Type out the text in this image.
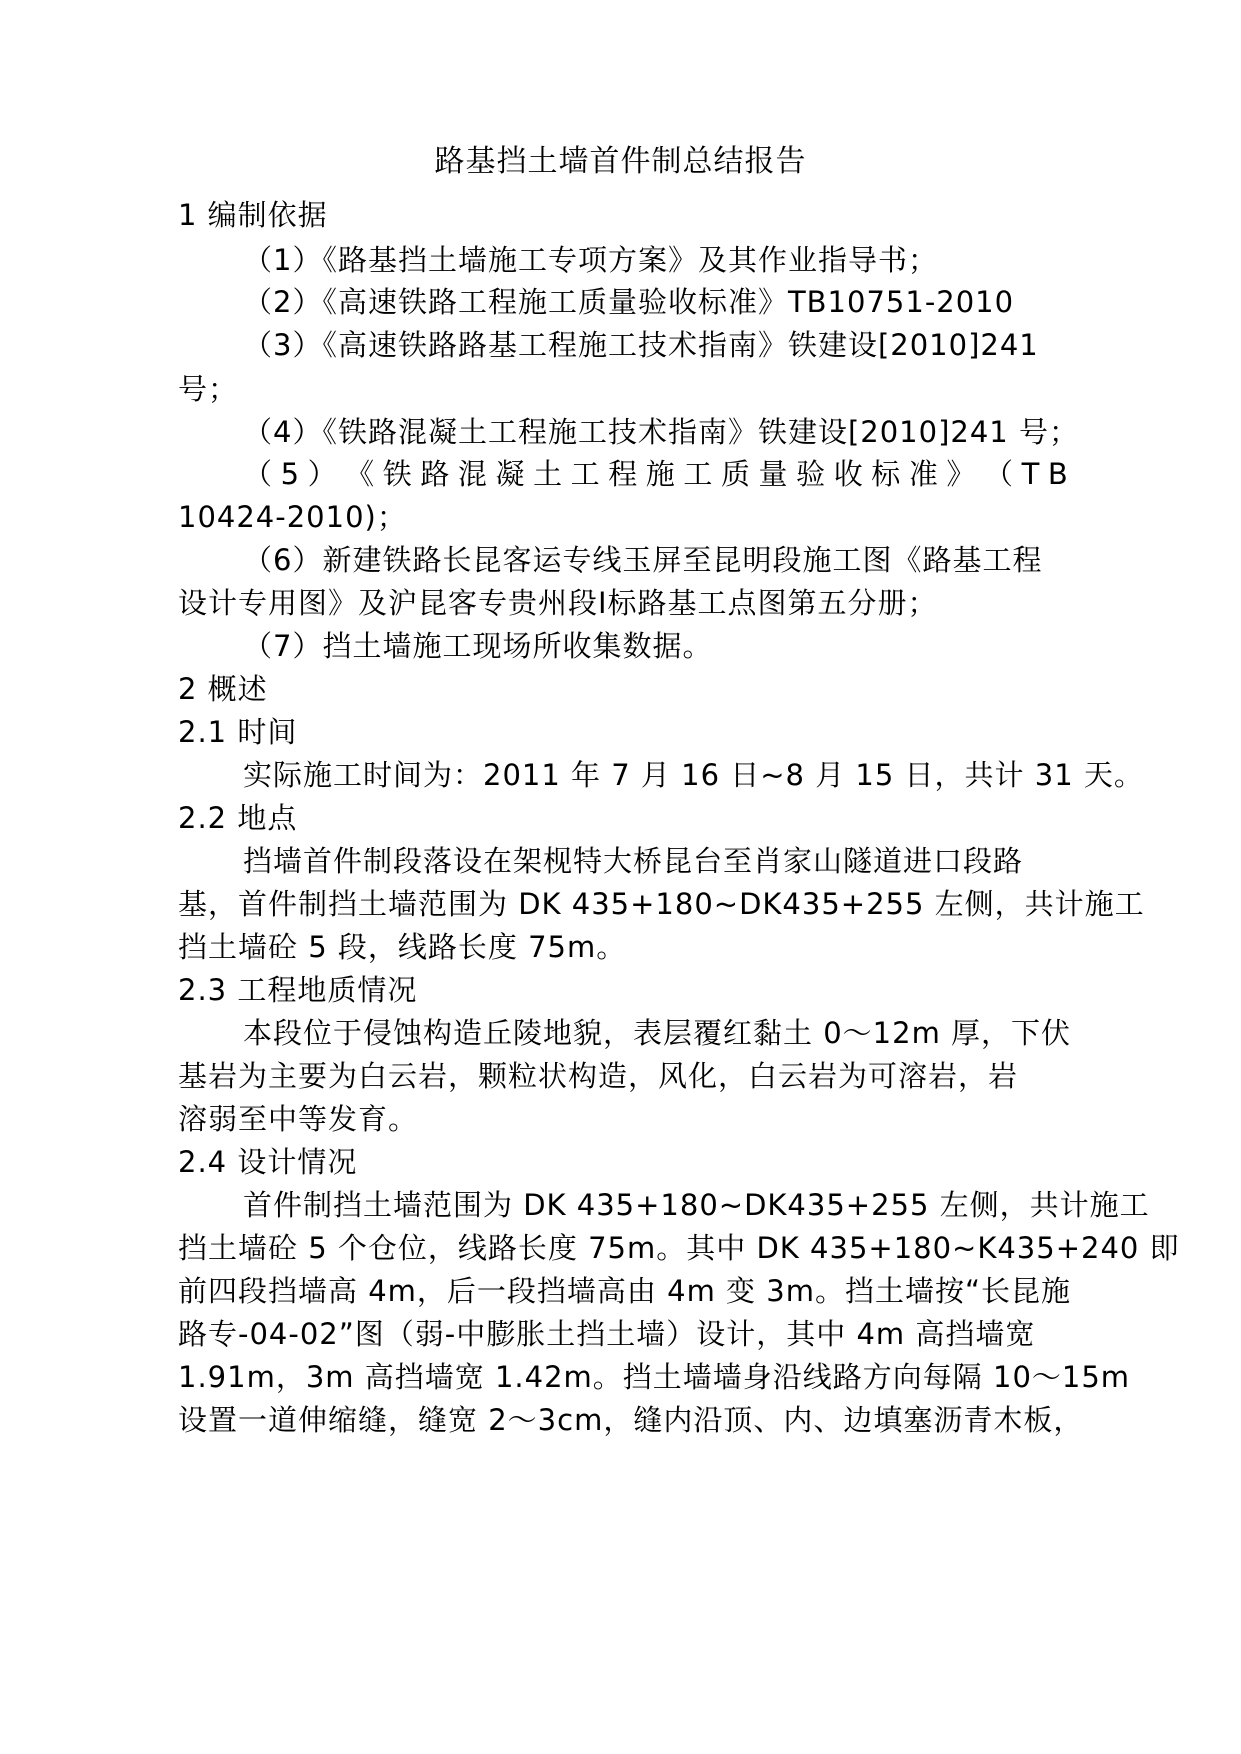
路基挡土墙首件制总结报告
1 编制依据
（1）《路基挡土墙施工专项方案》及其作业指导书；
（2）《高速铁路工程施工质量验收标准》TB10751-2010
（3）《高速铁路路基工程施工技术指南》铁建设[2010]241
号；
（4）《铁路混凝土工程施工技术指南》铁建设[2010]241 号；
（ 5 ） 《 铁 路 混 凝 土 工 程 施 工 质 量 验 收 标 准 》 （ T B
10424-2010)；
（6）新建铁路长昆客运专线玉屏至昆明段施工图《路基工程
设计专用图》及沪昆客专贵州段Ⅰ标路基工点图第五分册；
（7）挡土墙施工现场所收集数据。
2 概述
2.1 时间
实际施工时间为：2011 年 7 月 16 日~8 月 15 日，共计 31 天。
2.2 地点
挡墙首件制段落设在架枧特大桥昆台至肖家山隧道进口段路
基，首件制挡土墙范围为 DK 435+180~DK435+255 左侧，共计施工
挡土墙砼 5 段，线路长度 75m。
2.3 工程地质情况
本段位于侵蚀构造丘陵地貌，表层覆红黏土 0～12m 厚，下伏
基岩为主要为白云岩，颗粒状构造，风化，白云岩为可溶岩，岩
溶弱至中等发育。
2.4 设计情况
首件制挡土墙范围为 DK 435+180~DK435+255 左侧，共计施工
挡土墙砼 5 个仓位，线路长度 75m。其中 DK 435+180~K435+240 即
前四段挡墙高 4m，后一段挡墙高由 4m 变 3m。挡土墙按“长昆施
路专-04-02”图（弱-中膨胀土挡土墙）设计，其中 4m 高挡墙宽
1.91m，3m 高挡墙宽 1.42m。挡土墙墙身沿线路方向每隔 10～15m
设置一道伸缩缝，缝宽 2～3cm，缝内沿顶、内、边填塞沥青木板，
